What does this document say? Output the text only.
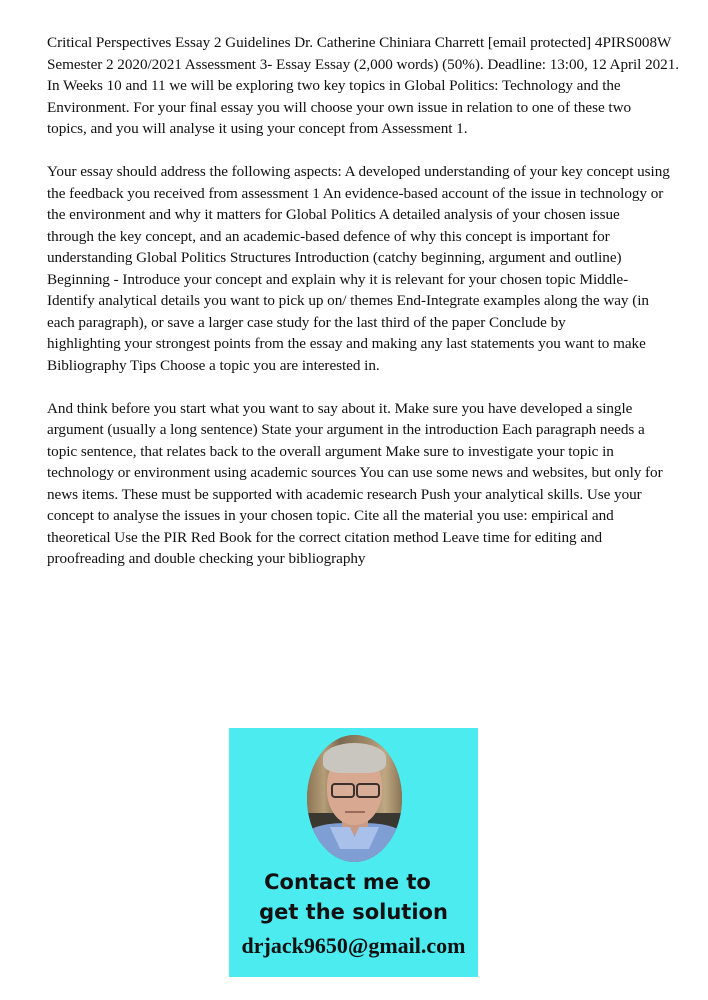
Critical Perspectives Essay 2 Guidelines Dr. Catherine Chiniara Charrett [email protected] 4PIRS008W
Semester 2 2020/2021 Assessment 3- Essay Essay (2,000 words) (50%). Deadline: 13:00, 12 April 2021.
In Weeks 10 and 11 we will be exploring two key topics in Global Politics: Technology and the
Environment. For your final essay you will choose your own issue in relation to one of these two
topics, and you will analyse it using your concept from Assessment 1.
Your essay should address the following aspects: A developed understanding of your key concept using
the feedback you received from assessment 1 An evidence-based account of the issue in technology or
the environment and why it matters for Global Politics A detailed analysis of your chosen issue
through the key concept, and an academic-based defence of why this concept is important for
understanding Global Politics Structures Introduction (catchy beginning, argument and outline)
Beginning - Introduce your concept and explain why it is relevant for your chosen topic Middle-
Identify analytical details you want to pick up on/ themes End-Integrate examples along the way (in
each paragraph), or save a larger case study for the last third of the paper Conclude by
highlighting your strongest points from the essay and making any last statements you want to make
Bibliography Tips Choose a topic you are interested in.
And think before you start what you want to say about it. Make sure you have developed a single
argument (usually a long sentence) State your argument in the introduction Each paragraph needs a
topic sentence, that relates back to the overall argument Make sure to investigate your topic in
technology or environment using academic sources You can use some news and websites, but only for
news items. These must be supported with academic research Push your analytical skills. Use your
concept to analyse the issues in your chosen topic. Cite all the material you use: empirical and
theoretical Use the PIR Red Book for the correct citation method Leave time for editing and
proofreading and double checking your bibliography
Contact me to
get the solution
drjack9650@gmail.com
